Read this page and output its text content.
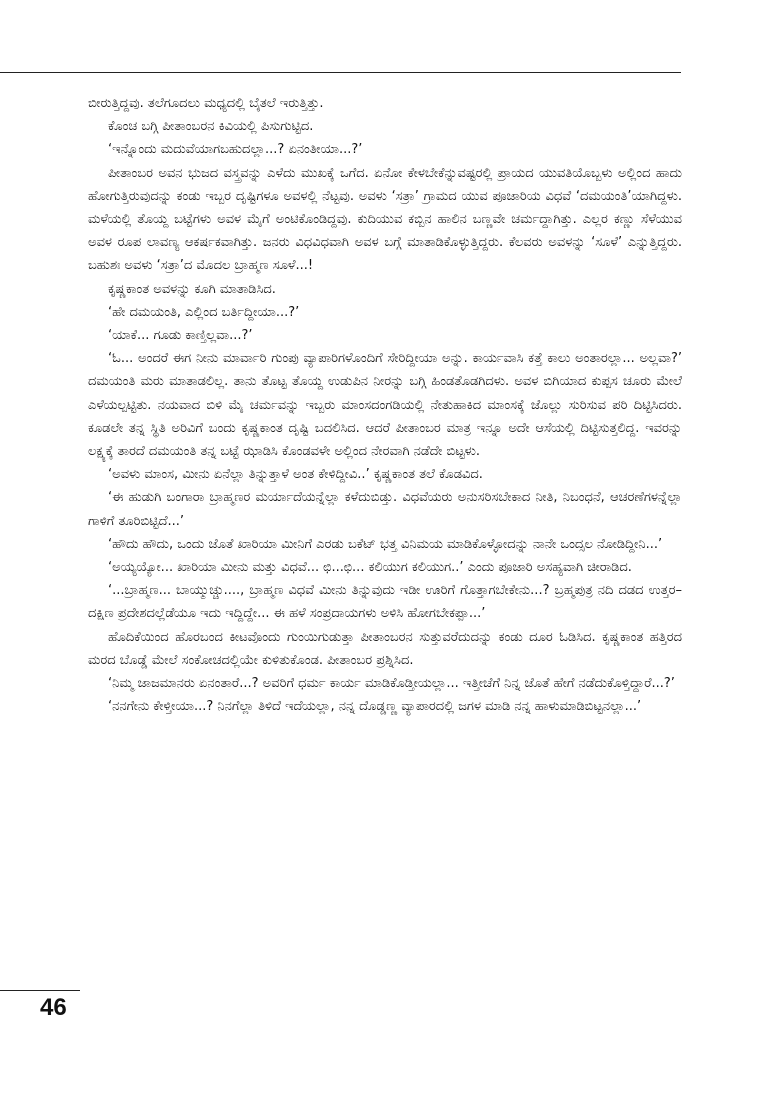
ಬೀರುತ್ತಿದ್ದವು. ತಲೆಗೂದಲು ಮಧ್ಯದಲ್ಲಿ ಬೈತಲೆ ಇರುತ್ತಿತ್ತು.

ಕೊಂಚ ಬಗ್ಗಿ ಪೀತಾಂಬರನ ಕಿವಿಯಲ್ಲಿ ಪಿಸುಗುಟ್ಟಿದ.

‘ಇನ್ನೊಂದು ಮದುವೆಯಾಗಬಹುದಲ್ಲಾ...? ಏನಂತೀಯಾ...?’

ಪೀತಾಂಬರ ಅವನ ಭುಜದ ವಸ್ತ್ರವನ್ನು ಎಳೆದು ಮುಖಕ್ಕೆ ಒಗೆದ. ಏನೋ ಕೇಳಬೇಕೆನ್ನುವಷ್ಟರಲ್ಲಿ ಪ್ರಾಯದ ಯುವತಿಯೊಬ್ಬಳು ಅಲ್ಲಿಂದ ಹಾದು ಹೋಗುತ್ತಿರುವುದನ್ನು ಕಂಡು ಇಬ್ಬರ ದೃಷ್ಟಿಗಳೂ ಅವಳಲ್ಲಿ ನೆಟ್ಟವು. ಅವಳು ‘ಸತ್ರಾ’ ಗ್ರಾಮದ ಯುವ ಪೂಜಾರಿಯ ವಿಧವೆ ‘ದಮಯಂತಿ’ಯಾಗಿದ್ದಳು. ಮಳೆಯಲ್ಲಿ ತೊಯ್ದ ಬಟ್ಟೆಗಳು ಅವಳ ಮೈಗೆ ಅಂಟಿಕೊಂಡಿದ್ದವು. ಕುದಿಯುವ ಕಬ್ಬಿನ ಹಾಲಿನ ಬಣ್ಣವೇ ಚರ್ಮದ್ದಾಗಿತ್ತು. ಎಲ್ಲರ ಕಣ್ಣು ಸೆಳೆಯುವ ಅವಳ ರೂಪ ಲಾವಣ್ಯ ಆಕರ್ಷಕವಾಗಿತ್ತು. ಜನರು ವಿಧವಿಧವಾಗಿ ಅವಳ ಬಗ್ಗೆ ಮಾತಾಡಿಕೊಳ್ಳುತ್ತಿದ್ದರು. ಕೆಲವರು ಅವಳನ್ನು ‘ಸೂಳೆ’ ಎನ್ನುತ್ತಿದ್ದರು. ಬಹುಶಃ ಅವಳು ‘ಸತ್ರಾ’ದ ಮೊದಲ ಬ್ರಾಹ್ಮಣ ಸೂಳೆ...!

ಕೃಷ್ಣಕಾಂತ ಅವಳನ್ನು ಕೂಗಿ ಮಾತಾಡಿಸಿದ.

‘ಹೇ ದಮಯಂತಿ, ಎಲ್ಲಿಂದ ಬರ್ತಿದ್ದೀಯಾ...?’

‘ಯಾಕೆ... ಗೂಡು ಕಾಣ್ತಿಲ್ಲವಾ...?’

‘ಓ... ಅಂದರೆ ಈಗ ನೀನು ಮಾರ್ವಾರಿ ಗುಂಪು ವ್ಯಾಪಾರಿಗಳೊಂದಿಗೆ ಸೇರಿದ್ದೀಯಾ ಅನ್ನು. ಕಾರ್ಯವಾಸಿ ಕತ್ತೆ ಕಾಲು ಅಂತಾರಲ್ಲಾ... ಅಲ್ಲವಾ?’ ದಮಯಂತಿ ಮರು ಮಾತಾಡಲಿಲ್ಲ. ತಾನು ತೊಟ್ಟ ತೊಯ್ದ ಉಡುಪಿನ ನೀರನ್ನು ಬಗ್ಗಿ ಹಿಂಡತೊಡಗಿದಳು. ಅವಳ ಬಿಗಿಯಾದ ಕುಪ್ಪಸ ಚೂರು ಮೇಲೆ ಎಳೆಯಲ್ಪಟ್ಟಿತು. ನಯವಾದ ಬಿಳಿ ಮೈ ಚರ್ಮವನ್ನು ಇಬ್ಬರು ಮಾಂಸದಂಗಡಿಯಲ್ಲಿ ನೇತುಹಾಕಿದ ಮಾಂಸಕ್ಕೆ ಜೊಲ್ಲು ಸುರಿಸುವ ಪರಿ ದಿಟ್ಟಿಸಿದರು. ಕೂಡಲೇ ತನ್ನ ಸ್ಥಿತಿ ಅರಿವಿಗೆ ಬಂದು ಕೃಷ್ಣಕಾಂತ ದೃಷ್ಟಿ ಬದಲಿಸಿದ. ಆದರೆ ಪೀತಾಂಬರ ಮಾತ್ರ ಇನ್ನೂ ಅದೇ ಆಸೆಯಲ್ಲಿ ದಿಟ್ಟಿಸುತ್ತಲಿದ್ದ. ಇವರನ್ನು ಲಕ್ಷ್ಯಕ್ಕೆ ತಾರದೆ ದಮಯಂತಿ ತನ್ನ ಬಟ್ಟೆ ಝಾಡಿಸಿ ಕೊಂಡವಳೇ ಅಲ್ಲಿಂದ ನೇರವಾಗಿ ನಡೆದೇ ಬಿಟ್ಟಳು.

‘ಅವಳು ಮಾಂಸ, ಮೀನು ಏನೆಲ್ಲಾ ತಿನ್ನುತ್ತಾಳೆ ಅಂತ ಕೇಳಿದ್ದೀವಿ..’ ಕೃಷ್ಣಕಾಂತ ತಲೆ ಕೊಡವಿದ.

‘ಈ ಹುಡುಗಿ ಬಂಗಾರಾ ಬ್ರಾಹ್ಮಣರ ಮರ್ಯಾದೆಯನ್ನೆಲ್ಲಾ ಕಳೆದುಬಿಡ್ತು. ವಿಧವೆಯರು ಅನುಸರಿಸಬೇಕಾದ ನೀತಿ, ನಿಬಂಧನೆ, ಆಚರಣೆಗಳನ್ನೆಲ್ಲಾ ಗಾಳಿಗೆ ತೂರಿಬಿಟ್ಟಿದೆ...’

‘ಹೌದು ಹೌದು, ಒಂದು ಜೊತೆ ಖಾರಿಯಾ ಮೀನಿಗೆ ಎರಡು ಬಕೆಟ್ ಭತ್ತ ವಿನಿಮಯ ಮಾಡಿಕೊಳ್ಳೋದನ್ನು ನಾನೇ ಒಂದ್ಸಲ ನೋಡಿದ್ದೀನಿ...’

‘ಅಯ್ಯಯ್ಯೋ... ಖಾರಿಯಾ ಮೀನು ಮತ್ತು ವಿಧವೆ... ಛಿ...ಛಿ... ಕಲಿಯುಗ ಕಲಿಯುಗ..’ ಎಂದು ಪೂಜಾರಿ ಅಸಹ್ಯವಾಗಿ ಚೀರಾಡಿದ.

‘...ಬ್ರಾಹ್ಮಣ... ಬಾಯ್ಮುಚ್ಚು...., ಬ್ರಾಹ್ಮಣ ವಿಧವೆ ಮೀನು ತಿನ್ನುವುದು ಇಡೀ ಊರಿಗೆ ಗೊತ್ತಾಗಬೇಕೇನು...? ಬ್ರಹ್ಮಪುತ್ರ ನದಿ ದಡದ ಉತ್ತರ–ದಕ್ಷಿಣ ಪ್ರದೇಶದಲ್ಲೆಡೆಯೂ ಇದು ಇದ್ದಿದ್ದೇ... ಈ ಹಳೆ ಸಂಪ್ರದಾಯಗಳು ಅಳಿಸಿ ಹೋಗಬೇಕಪ್ಪಾ...’

ಹೊದಿಕೆಯಿಂದ ಹೊರಬಂದ ಕೀಟವೊಂದು ಗುಂಯಿಗುಡುತ್ತಾ ಪೀತಾಂಬರನ ಸುತ್ತುವರೆದುದನ್ನು ಕಂಡು ದೂರ ಓಡಿಸಿದ. ಕೃಷ್ಣಕಾಂತ ಹತ್ತಿರದ ಮರದ ಬೊಡ್ಡೆ ಮೇಲೆ ಸಂಕೋಚದಲ್ಲಿಯೇ ಕುಳಿತುಕೊಂಡ. ಪೀತಾಂಬರ ಪ್ರಶ್ನಿಸಿದ.

‘ನಿಮ್ಮ ಜಾಜಮಾನರು ಏನಂತಾರೆ...? ಅವರಿಗೆ ಧರ್ಮ ಕಾರ್ಯ ಮಾಡಿಕೊಡ್ತೀಯಲ್ಲಾ... ಇತ್ತೀಚೆಗೆ ನಿನ್ನ ಜೊತೆ ಹೇಗೆ ನಡೆದುಕೊಳ್ತಿದ್ದಾರೆ...?’

‘ನನಗೇನು ಕೇಳ್ತೀಯಾ...? ನಿನಗೆಲ್ಲಾ ತಿಳಿದೆ ಇದೆಯಲ್ಲಾ, ನನ್ನ ದೊಡ್ಡಣ್ಣ ವ್ಯಾಪಾರದಲ್ಲಿ ಜಗಳ ಮಾಡಿ ನನ್ನ ಹಾಳುಮಾಡಿಬಿಟ್ಟನಲ್ಲಾ...’

46
